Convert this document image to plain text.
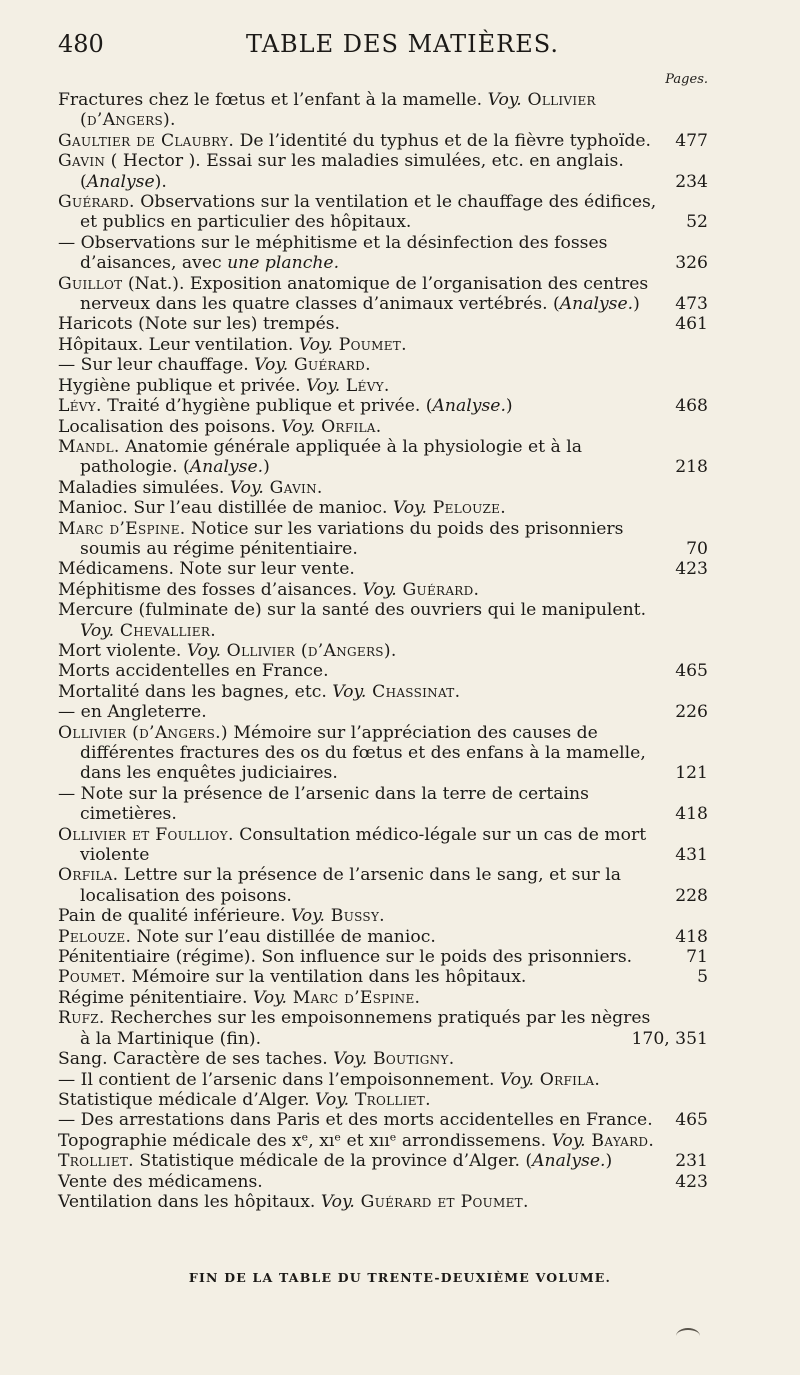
480	TABLE DES MATIÈRES.
Pages.
Fractures chez le fœtus et l’enfant à la mamelle. Voy. Ollivier (d’Angers).
Gaultier de Claubry. De l’identité du typhus et de la fièvre typhoïde. 477
Gavin ( Hector ). Essai sur les maladies simulées, etc. en anglais. (Analyse).	234
Guérard. Observations sur la ventilation et le chauffage des édifices, et publics en particulier des hôpitaux.	52
— Observations sur le méphitisme et la désinfection des fosses d’aisances, avec une planche.	326
Guillot (Nat.). Exposition anatomique de l’organisation des centres nerveux dans les quatre classes d’animaux vertébrés. (Analyse.) 473
Haricots (Note sur les) trempés.	461
Hôpitaux. Leur ventilation. Voy. Poumet.
— Sur leur chauffage. Voy. Guérard.
Hygiène publique et privée. Voy. Lévy.
Lévy. Traité d’hygiène publique et privée. (Analyse.)	468
Localisation des poisons. Voy. Orfila.
Mandl. Anatomie générale appliquée à la physiologie et à la pathologie. (Analyse.)	218
Maladies simulées. Voy. Gavin.
Manioc. Sur l’eau distillée de manioc. Voy. Pelouze.
Marc d’Espine. Notice sur les variations du poids des prisonniers soumis au régime pénitentiaire.	70
Médicamens. Note sur leur vente.	423
Méphitisme des fosses d’aisances. Voy. Guérard.
Mercure (fulminate de) sur la santé des ouvriers qui le manipulent. Voy. Chevallier.
Mort violente. Voy. Ollivier (d’Angers).
Morts accidentelles en France.	465
Mortalité dans les bagnes, etc. Voy. Chassinat.
— en Angleterre.	226
Ollivier (d’Angers.) Mémoire sur l’appréciation des causes de différentes fractures des os du fœtus et des enfans à la mamelle, dans les enquêtes judiciaires.	121
— Note sur la présence de l’arsenic dans la terre de certains cimetières.	418
Ollivier et Foullioy. Consultation médico-légale sur un cas de mort violente	431
Orfila. Lettre sur la présence de l’arsenic dans le sang, et sur la localisation des poisons.	228
Pain de qualité inférieure. Voy. Bussy.
Pelouze. Note sur l’eau distillée de manioc.	418
Pénitentiaire (régime). Son influence sur le poids des prisonniers.	71
Poumet. Mémoire sur la ventilation dans les hôpitaux.	5
Régime pénitentiaire. Voy. Marc d’Espine.
Rufz. Recherches sur les empoisonnemens pratiqués par les nègres à la Martinique (fin).	170, 351
Sang. Caractère de ses taches. Voy. Boutigny.
— Il contient de l’arsenic dans l’empoisonnement. Voy. Orfila.
Statistique médicale d’Alger. Voy. Trolliet.
— Des arrestations dans Paris et des morts accidentelles en France. 465
Topographie médicale des xᵉ, xıᵉ et xııᵉ arrondissemens. Voy. Bayard.
Trolliet. Statistique médicale de la province d’Alger. (Analyse.)	231
Vente des médicamens.	423
Ventilation dans les hôpitaux. Voy. Guérard et Poumet.
FIN DE LA TABLE DU TRENTE-DEUXIÈME VOLUME.
